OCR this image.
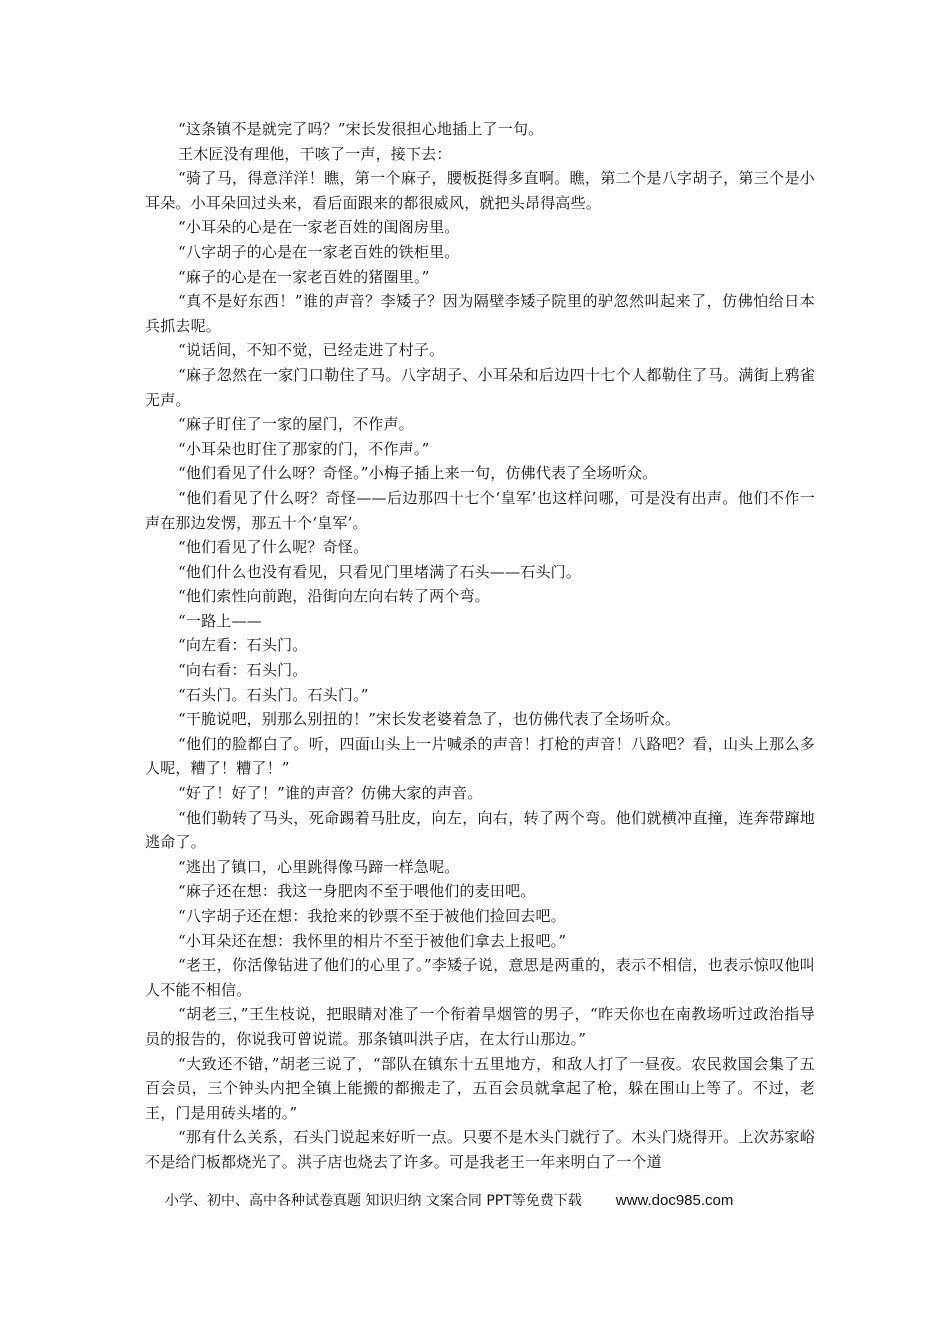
“这条镇不是就完了吗？”宋长发很担心地插上了一句。

王木匠没有理他，干咳了一声，接下去：

“骑了马，得意洋洋！瞧，第一个麻子，腰板挺得多直啊。瞧，第二个是八字胡子，第三个是小耳朵。小耳朵回过头来，看后面跟来的都很威风，就把头昂得高些。

“小耳朵的心是在一家老百姓的闺阁房里。

“八字胡子的心是在一家老百姓的铁柜里。

“麻子的心是在一家老百姓的猪圈里。”

“真不是好东西！”谁的声音？李矮子？因为隔壁李矮子院里的驴忽然叫起来了，仿佛怕给日本兵抓去呢。

“说话间，不知不觉，已经走进了村子。

“麻子忽然在一家门口勒住了马。八字胡子、小耳朵和后边四十七个人都勒住了马。满街上鸦雀无声。

“麻子盯住了一家的屋门，不作声。

“小耳朵也盯住了那家的门，不作声。”

“他们看见了什么呀？奇怪。”小梅子插上来一句，仿佛代表了全场听众。

“他们看见了什么呀？奇怪——后边那四十七个‘皇军’也这样问哪，可是没有出声。他们不作一声在那边发愣，那五十个‘皇军’。

“他们看见了什么呢？奇怪。

“他们什么也没有看见，只看见门里堵满了石头——石头门。

“他们索性向前跑，沿街向左向右转了两个弯。

“一路上——

“向左看：石头门。

“向右看：石头门。

“石头门。石头门。石头门。”

“干脆说吧，别那么别扭的！”宋长发老婆着急了，也仿佛代表了全场听众。

“他们的脸都白了。听，四面山头上一片喊杀的声音！打枪的声音！八路吧？看，山头上那么多人呢，糟了！糟了！”

“好了！好了！”谁的声音？仿佛大家的声音。

“他们勒转了马头，死命踢着马肚皮，向左，向右，转了两个弯。他们就横冲直撞，连奔带蹿地逃命了。

“逃出了镇口，心里跳得像马蹄一样急呢。

“麻子还在想：我这一身肥肉不至于喂他们的麦田吧。

“八字胡子还在想：我抢来的钞票不至于被他们捡回去吧。

“小耳朵还在想：我怀里的相片不至于被他们拿去上报吧。”

“老王，你活像钻进了他们的心里了。”李矮子说，意思是两重的，表示不相信，也表示惊叹他叫人不能不相信。

“胡老三，”王生枝说，把眼睛对准了一个衔着旱烟管的男子，“昨天你也在南教场听过政治指导员的报告的，你说我可曾说谎。那条镇叫洪子店，在太行山那边。”

“大致还不错，”胡老三说了，“部队在镇东十五里地方，和敌人打了一昼夜。农民救国会集了五百会员，三个钟头内把全镇上能搬的都搬走了，五百会员就拿起了枪，躲在围山上等了。不过，老王，门是用砖头堵的。”

“那有什么关系，石头门说起来好听一点。只要不是木头门就行了。木头门烧得开。上次苏家峪不是给门板都烧光了。洪子店也烧去了许多。可是我老王一年来明白了一个道

小学、初中、高中各种试卷真题 知识归纳 文案合同 PPT等免费下载 www.doc985.com
